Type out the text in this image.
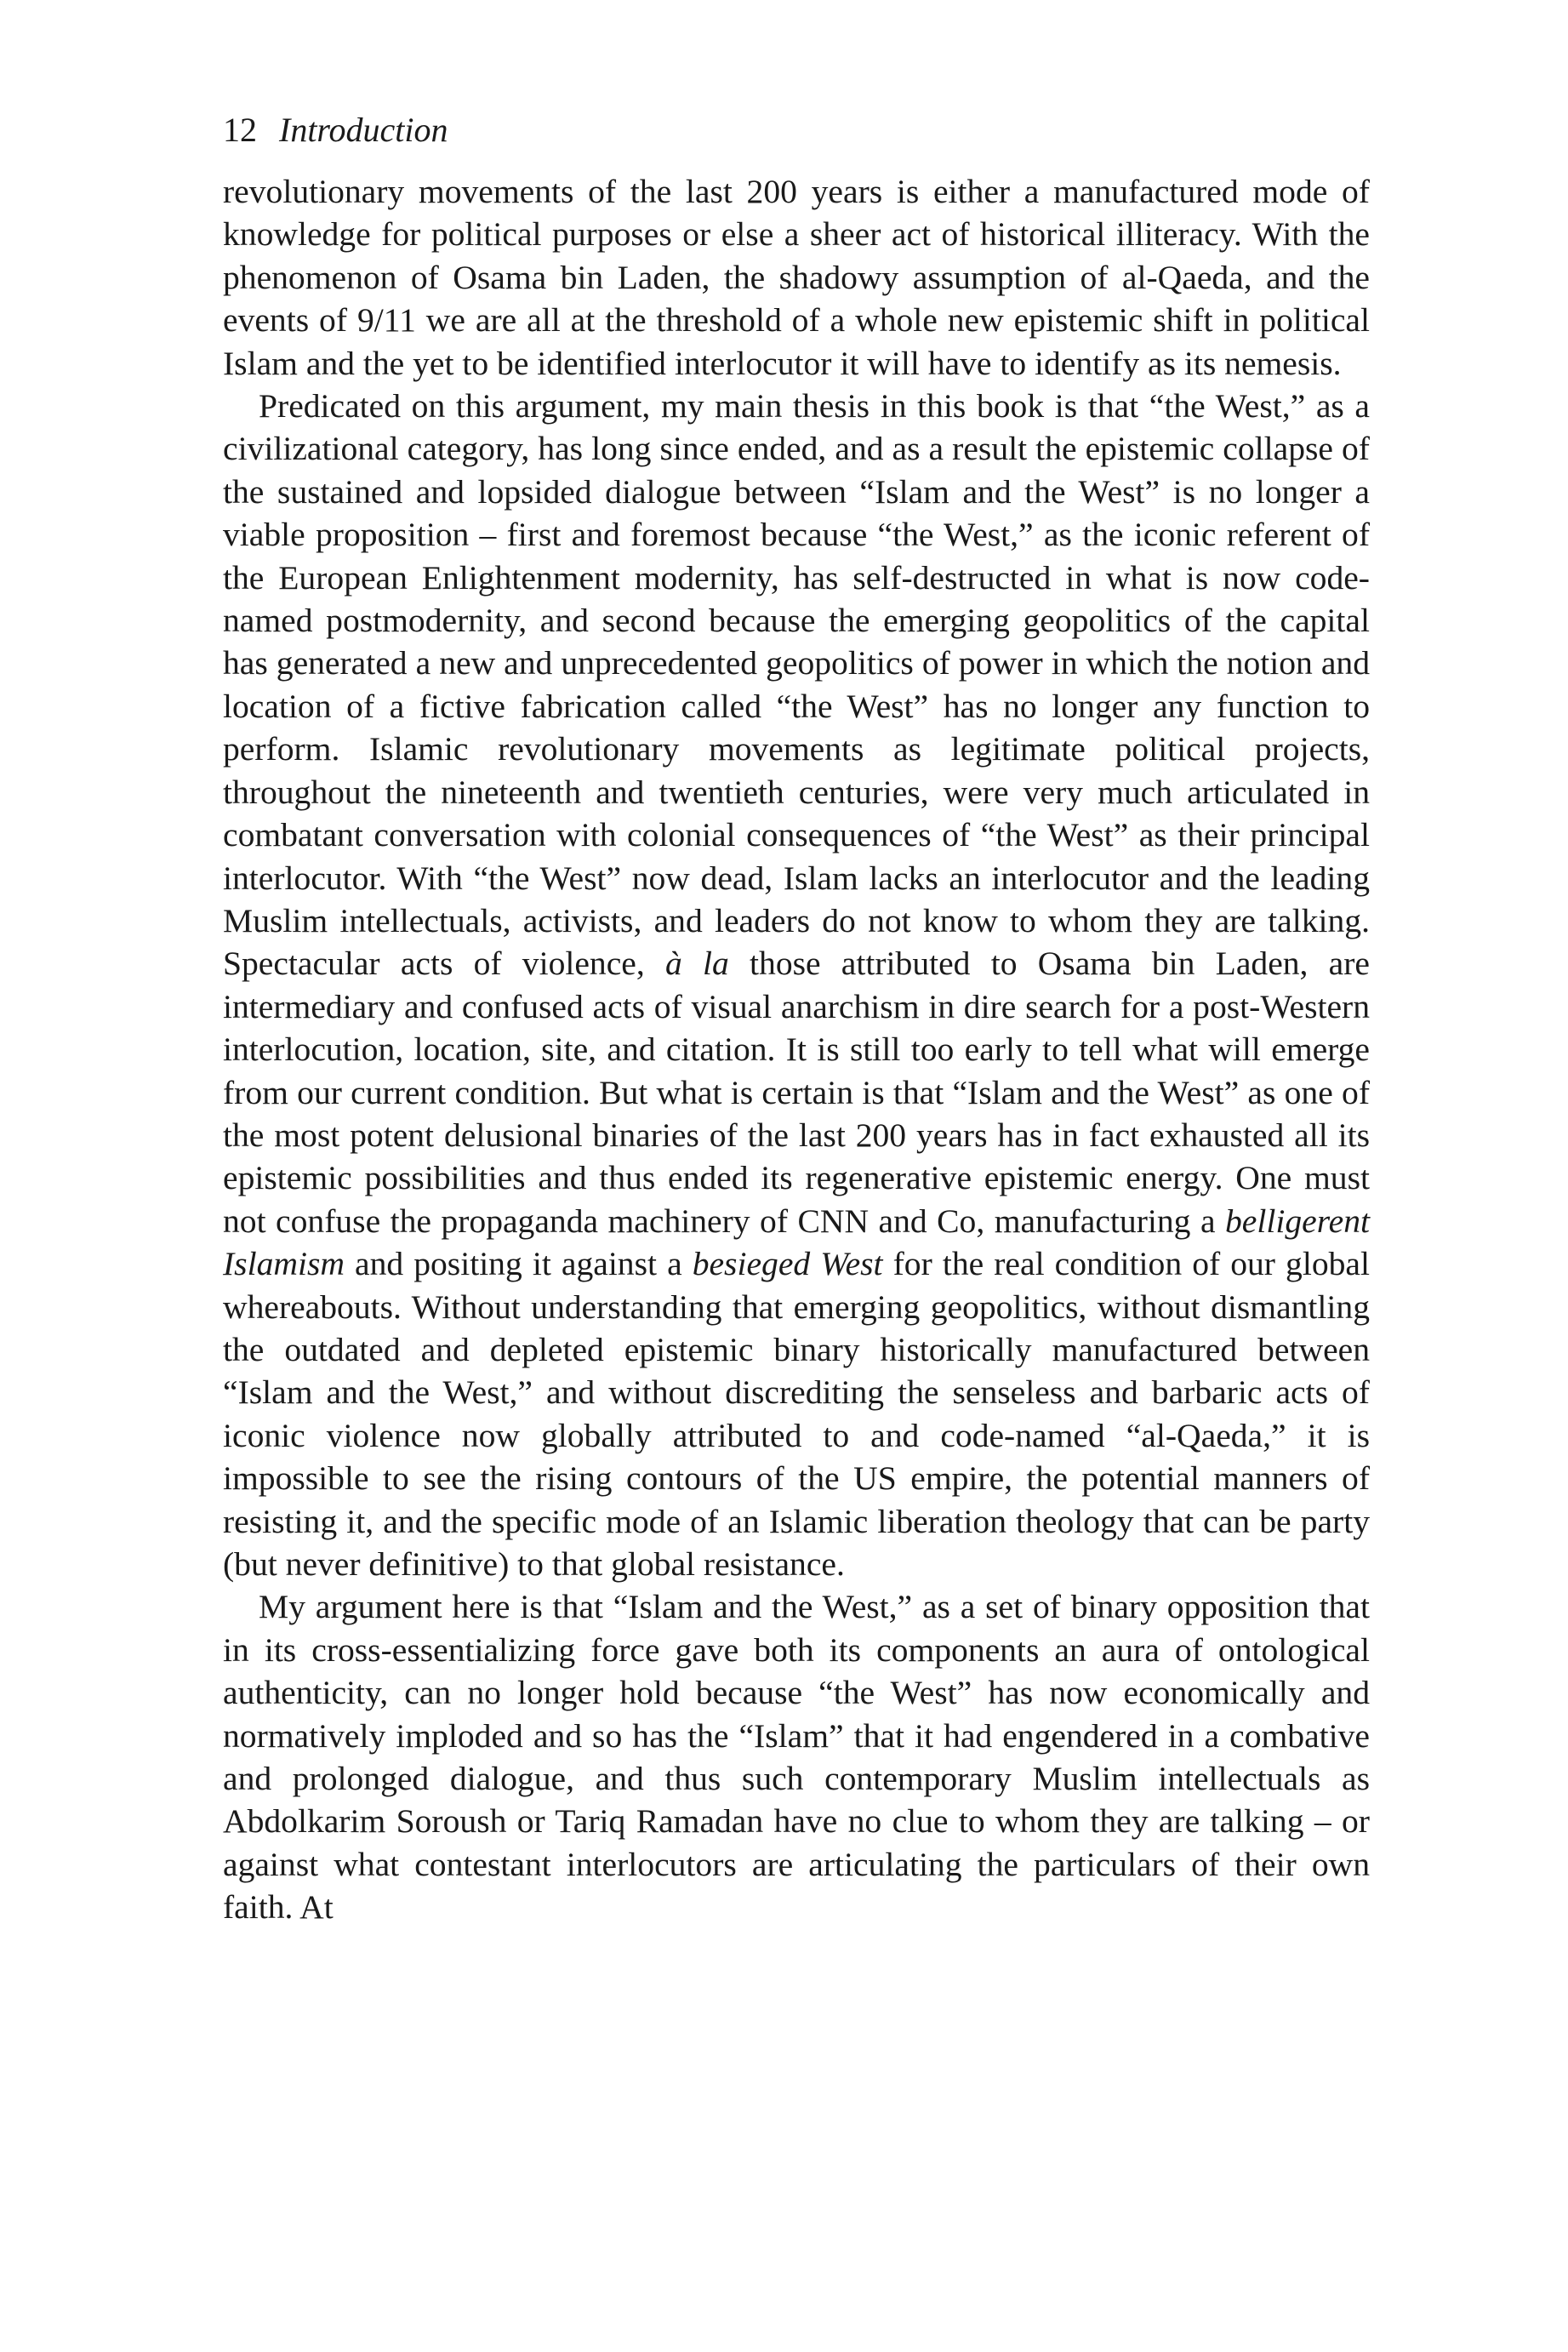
12 Introduction

revolutionary movements of the last 200 years is either a manufactured mode of knowledge for political purposes or else a sheer act of historical illiteracy. With the phenomenon of Osama bin Laden, the shadowy assumption of al-Qaeda, and the events of 9/11 we are all at the threshold of a whole new epistemic shift in political Islam and the yet to be identified interlocutor it will have to identify as its nemesis.

Predicated on this argument, my main thesis in this book is that “the West,” as a civilizational category, has long since ended, and as a result the epistemic collapse of the sustained and lopsided dialogue between “Islam and the West” is no longer a viable proposition – first and foremost because “the West,” as the iconic referent of the European Enlightenment modernity, has self-destructed in what is now code-named postmodernity, and second because the emerging geopolitics of the capital has generated a new and unprecedented geopolitics of power in which the notion and location of a fictive fabrication called “the West” has no longer any function to perform. Islamic revolutionary movements as legitimate political projects, throughout the nineteenth and twentieth centuries, were very much articulated in combatant conversation with colonial consequences of “the West” as their principal interlocutor. With “the West” now dead, Islam lacks an interlocutor and the leading Muslim intellectuals, activists, and leaders do not know to whom they are talking. Spectacular acts of violence, à la those attributed to Osama bin Laden, are intermediary and confused acts of visual anarchism in dire search for a post-Western interlocution, location, site, and citation. It is still too early to tell what will emerge from our current condition. But what is certain is that “Islam and the West” as one of the most potent delusional binaries of the last 200 years has in fact exhausted all its epistemic possibilities and thus ended its regenerative epistemic energy. One must not confuse the propaganda machinery of CNN and Co, manufacturing a belligerent Islamism and positing it against a besieged West for the real condition of our global whereabouts. Without understanding that emerging geopolitics, without dismantling the outdated and depleted epistemic binary historically manufactured between “Islam and the West,” and without discrediting the senseless and barbaric acts of iconic violence now globally attributed to and code-named “al-Qaeda,” it is impossible to see the rising contours of the US empire, the potential manners of resisting it, and the specific mode of an Islamic liberation theology that can be party (but never definitive) to that global resistance.

My argument here is that “Islam and the West,” as a set of binary opposition that in its cross-essentializing force gave both its components an aura of ontological authenticity, can no longer hold because “the West” has now economically and normatively imploded and so has the “Islam” that it had engendered in a combative and prolonged dialogue, and thus such contemporary Muslim intellectuals as Abdolkarim Soroush or Tariq Ramadan have no clue to whom they are talking – or against what contestant interlocutors are articulating the particulars of their own faith. At
